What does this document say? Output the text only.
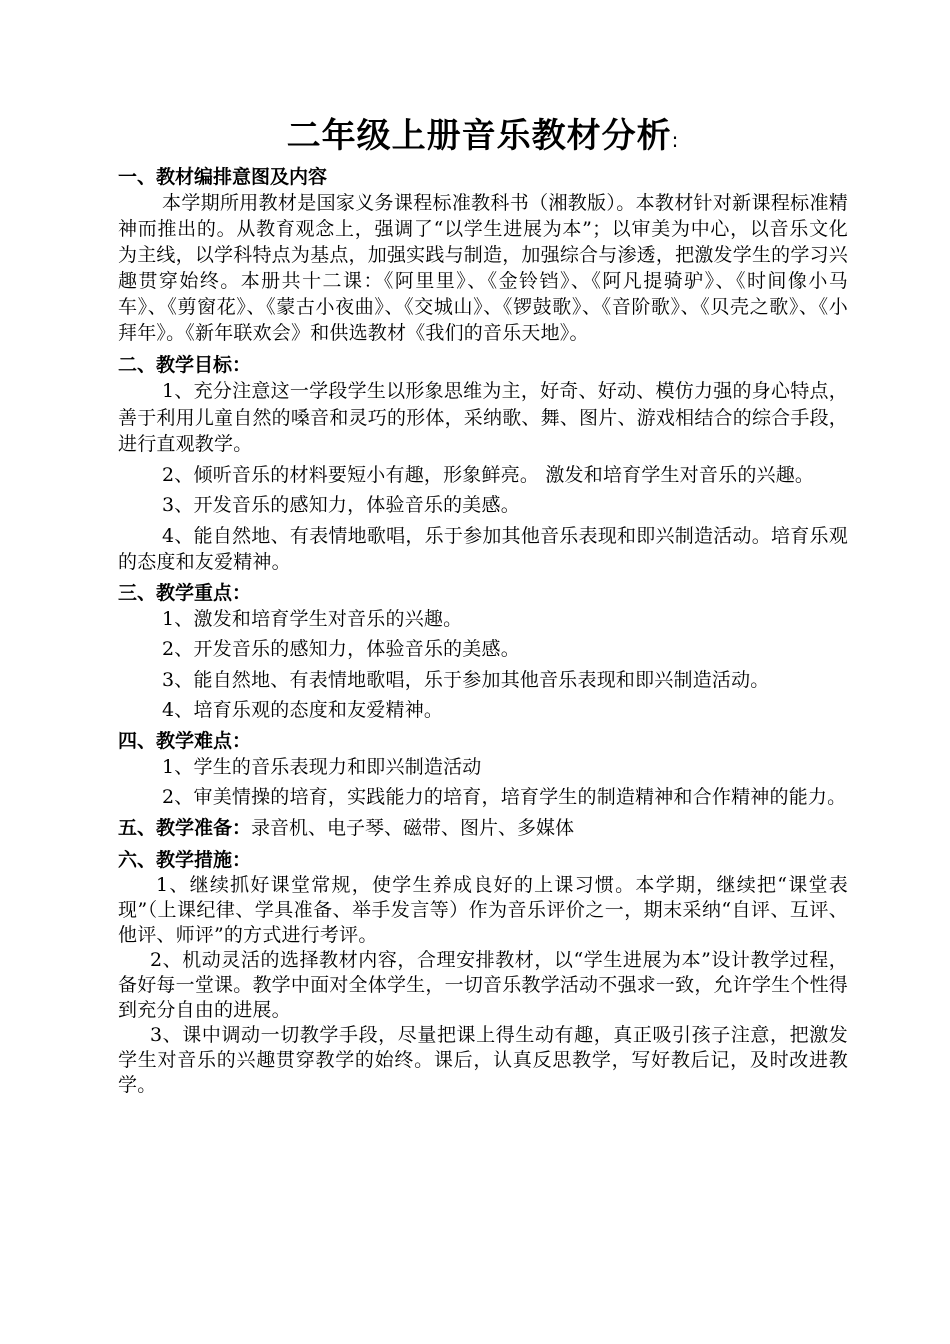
二年级上册音乐教材分析:

一、教材编排意图及内容

本学期所用教材是国家义务课程标准教科书（湘教版）。本教材针对新课程标准精神而推出的。从教育观念上，强调了“以学生进展为本”；以审美为中心，以音乐文化为主线，以学科特点为基点，加强实践与制造，加强综合与渗透，把激发学生的学习兴趣贯穿始终。本册共十二课：《阿里里》、《金铃铛》、《阿凡提骑驴》、《时间像小马车》、《剪窗花》、《蒙古小夜曲》、《交城山》、《锣鼓歌》、《音阶歌》、《贝壳之歌》、《小拜年》。《新年联欢会》和供选教材《我们的音乐天地》。

二、教学目标：

1、充分注意这一学段学生以形象思维为主，好奇、好动、模仿力强的身心特点，善于利用儿童自然的嗓音和灵巧的形体，采纳歌、舞、图片、游戏相结合的综合手段，进行直观教学。

2、倾听音乐的材料要短小有趣，形象鲜亮。 激发和培育学生对音乐的兴趣。

3、开发音乐的感知力，体验音乐的美感。

4、能自然地、有表情地歌唱，乐于参加其他音乐表现和即兴制造活动。培育乐观的态度和友爱精神。

三、教学重点：

1、激发和培育学生对音乐的兴趣。

2、开发音乐的感知力，体验音乐的美感。

3、能自然地、有表情地歌唱，乐于参加其他音乐表现和即兴制造活动。

4、培育乐观的态度和友爱精神。

四、教学难点：

1、学生的音乐表现力和即兴制造活动

2、审美情操的培育，实践能力的培育，培育学生的制造精神和合作精神的能力。

五、教学准备：录音机、电子琴、磁带、图片、多媒体

六、教学措施：

1、继续抓好课堂常规，使学生养成良好的上课习惯。本学期，继续把“课堂表现”（上课纪律、学具准备、举手发言等）作为音乐评价之一，期末采纳“自评、互评、他评、师评”的方式进行考评。

2、机动灵活的选择教材内容，合理安排教材，以“学生进展为本”设计教学过程，备好每一堂课。教学中面对全体学生，一切音乐教学活动不强求一致，允许学生个性得到充分自由的进展。

3、课中调动一切教学手段，尽量把课上得生动有趣，真正吸引孩子注意，把激发学生对音乐的兴趣贯穿教学的始终。课后，认真反思教学，写好教后记，及时改进教学。
